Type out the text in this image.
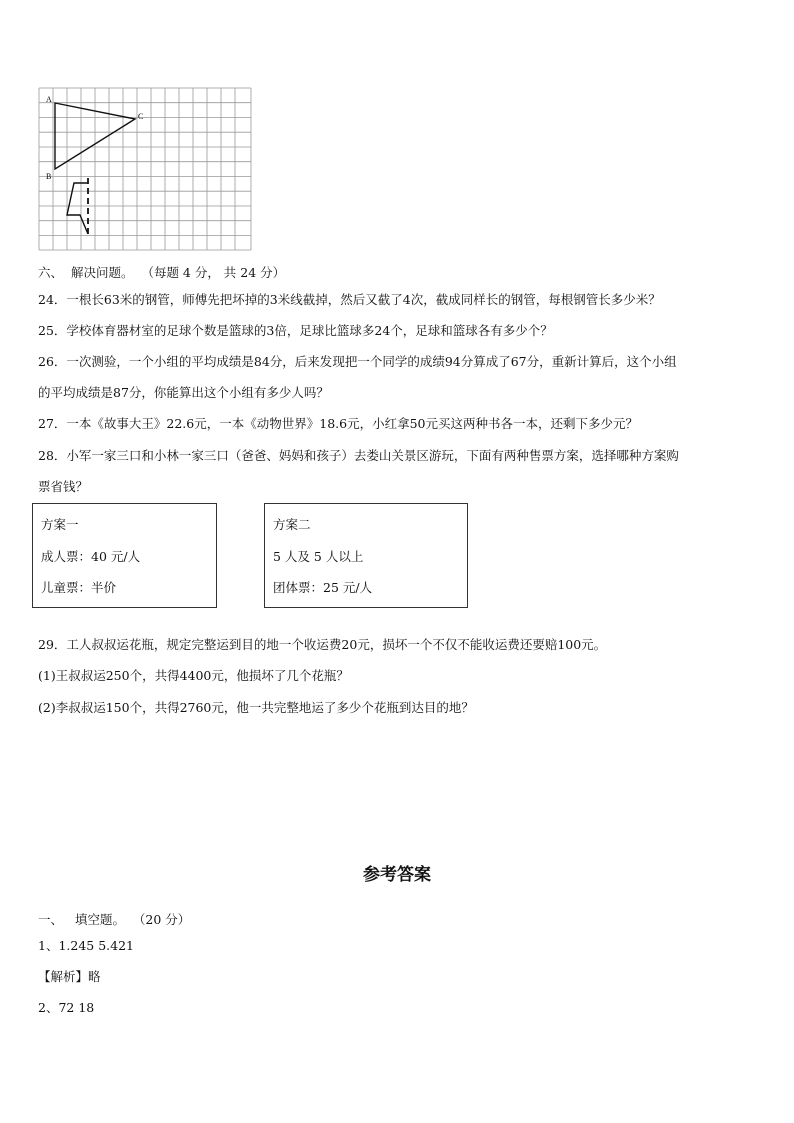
A
B
C
六、 解决问题。 （每题 4 分， 共 24 分）
24．一根长63米的钢管，师傅先把坏掉的3米线截掉，然后又截了4次，截成同样长的钢管，每根钢管长多少米？
25．学校体育器材室的足球个数是篮球的3倍，足球比篮球多24个，足球和篮球各有多少个？
26．一次测验，一个小组的平均成绩是84分，后来发现把一个同学的成绩94分算成了67分，重新计算后，这个小组
的平均成绩是87分，你能算出这个小组有多少人吗？
27．一本《故事大王》22.6元，一本《动物世界》18.6元，小红拿50元买这两种书各一本，还剩下多少元？
28．小军一家三口和小林一家三口（爸爸、妈妈和孩子）去娄山关景区游玩，下面有两种售票方案，选择哪种方案购
票省钱？
方案一
成人票：40 元/人
儿童票：半价
方案二
5 人及 5 人以上
团体票：25 元/人
29．工人叔叔运花瓶，规定完整运到目的地一个收运费20元，损坏一个不仅不能收运费还要赔100元。
(1)王叔叔运250个，共得4400元，他损坏了几个花瓶？
(2)李叔叔运150个，共得2760元，他一共完整地运了多少个花瓶到达目的地？
参考答案
一、 填空题。 （20 分）
1、1.245 5.421
【解析】略
2、72 18
